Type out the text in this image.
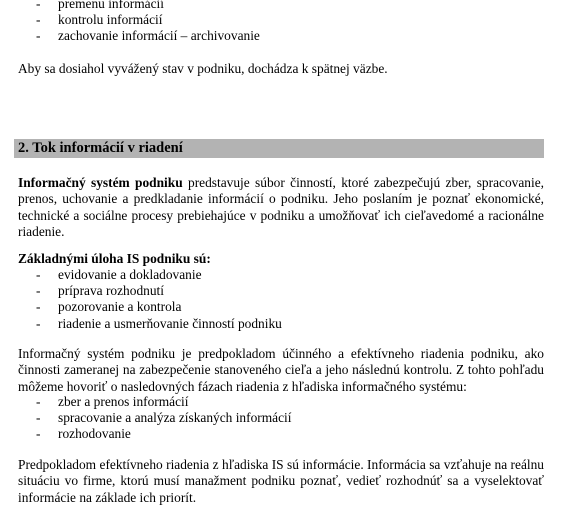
- premenu informácií
- kontrolu informácií
- zachovanie informácií – archivovanie

Aby sa dosiahol vyvážený stav v podniku, dochádza k spätnej väzbe.

2. Tok informácií v riadení

Informačný systém podniku predstavuje súbor činností, ktoré zabezpečujú zber, spracovanie, prenos, uchovanie a predkladanie informácií o podniku. Jeho poslaním je poznať ekonomické, technické a sociálne procesy prebiehajúce v podniku a umožňovať ich cieľavedomé a racionálne riadenie.

Základnými úloha IS podniku sú:

- evidovanie a dokladovanie
- príprava rozhodnutí
- pozorovanie a kontrola
- riadenie a usmerňovanie činností podniku

Informačný systém podniku je predpokladom účinného a efektívneho riadenia podniku, ako činnosti zameranej na zabezpečenie stanoveného cieľa a jeho následnú kontrolu. Z tohto pohľadu môžeme hovoriť o nasledovných fázach riadenia z hľadiska informačného systému:

- zber a prenos informácií
- spracovanie a analýza získaných informácií
- rozhodovanie

Predpokladom efektívneho riadenia z hľadiska IS sú informácie. Informácia sa vzťahuje na reálnu situáciu vo firme, ktorú musí manažment podniku poznať, vedieť rozhodnúť sa a vyselektovať informácie na základe ich priorít.
